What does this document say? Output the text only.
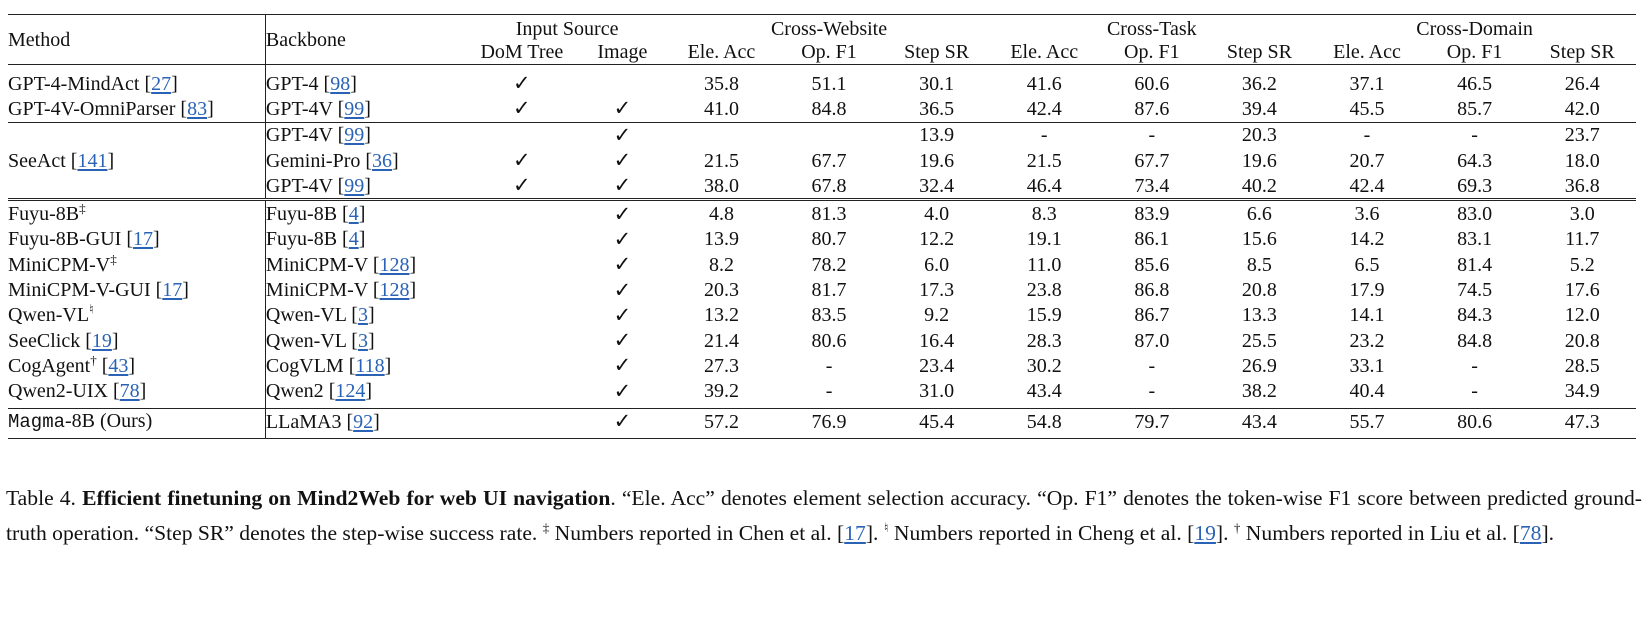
Method	Backbone	Input Source		Cross-Website			Cross-Task			Cross-Domain		
		DoM Tree	Image	Ele. Acc	Op. F1	Step SR	Ele. Acc	Op. F1	Step SR	Ele. Acc	Op. F1	Step SR
GPT-4-MindAct [27]	GPT-4 [98]	✓		35.8	51.1	30.1	41.6	60.6	36.2	37.1	46.5	26.4
GPT-4V-OmniParser [83]	GPT-4V [99]	✓	✓	41.0	84.8	36.5	42.4	87.6	39.4	45.5	85.7	42.0
	GPT-4V [99]		✓			13.9	-	-	20.3	-	-	23.7
SeeAct [141]	Gemini-Pro [36]	✓	✓	21.5	67.7	19.6	21.5	67.7	19.6	20.7	64.3	18.0
	GPT-4V [99]	✓	✓	38.0	67.8	32.4	46.4	73.4	40.2	42.4	69.3	36.8
Fuyu-8B‡	Fuyu-8B [4]		✓	4.8	81.3	4.0	8.3	83.9	6.6	3.6	83.0	3.0
Fuyu-8B-GUI [17]	Fuyu-8B [4]		✓	13.9	80.7	12.2	19.1	86.1	15.6	14.2	83.1	11.7
MiniCPM-V‡	MiniCPM-V [128]		✓	8.2	78.2	6.0	11.0	85.6	8.5	6.5	81.4	5.2
MiniCPM-V-GUI [17]	MiniCPM-V [128]		✓	20.3	81.7	17.3	23.8	86.8	20.8	17.9	74.5	17.6
Qwen-VL♮	Qwen-VL [3]		✓	13.2	83.5	9.2	15.9	86.7	13.3	14.1	84.3	12.0
SeeClick [19]	Qwen-VL [3]		✓	21.4	80.6	16.4	28.3	87.0	25.5	23.2	84.8	20.8
CogAgent† [43]	CogVLM [118]		✓	27.3	-	23.4	30.2	-	26.9	33.1	-	28.5
Qwen2-UIX [78]	Qwen2 [124]		✓	39.2	-	31.0	43.4	-	38.2	40.4	-	34.9
Magma-8B (Ours)	LLaMA3 [92]		✓	57.2	76.9	45.4	54.8	79.7	43.4	55.7	80.6	47.3
Table 4. Efficient finetuning on Mind2Web for web UI navigation. “Ele. Acc” denotes element selection accuracy. “Op. F1” denotes the token-wise F1 score between predicted ground-truth operation. “Step SR” denotes the step-wise success rate. ‡ Numbers reported in Chen et al. [17]. ♮ Numbers reported in Cheng et al. [19]. † Numbers reported in Liu et al. [78].
